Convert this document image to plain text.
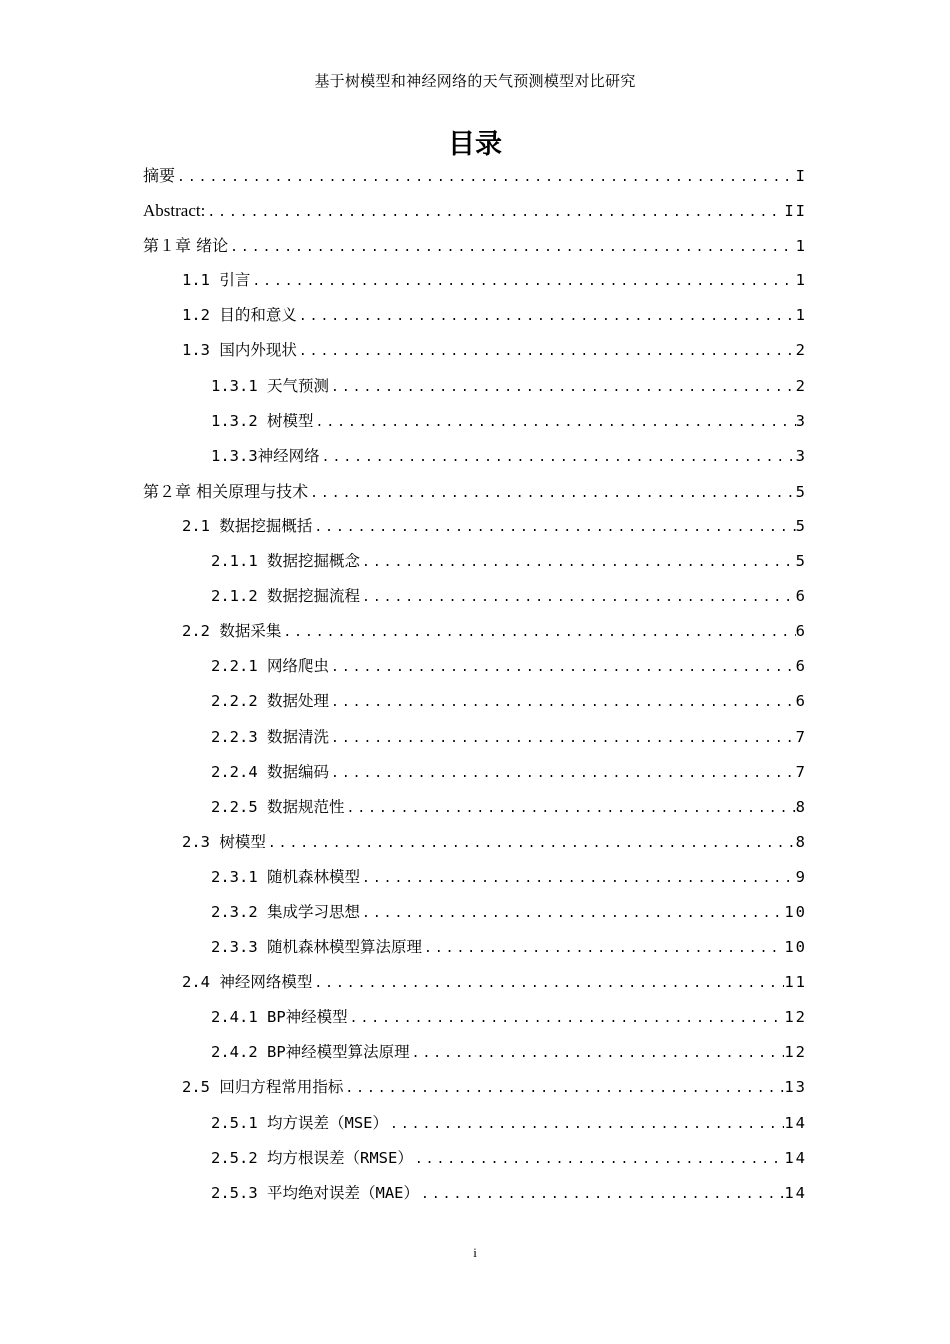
基于树模型和神经网络的天气预测模型对比研究
目录
摘要 .....	I
Abstract: .....	II
第１章 绪论 .....	1
1.1 引言 .....	1
1.2 目的和意义 .....	1
1.3 国内外现状 .....	2
1.3.1 天气预测 .....	2
1.3.2 树模型 .....	3
1.3.3神经网络 .....	3
第２章 相关原理与技术 .....	5
2.1 数据挖掘概括 .....	5
2.1.1 数据挖掘概念 .....	5
2.1.2 数据挖掘流程 .....	6
2.2 数据采集 .....	6
2.2.1 网络爬虫 .....	6
2.2.2 数据处理 .....	6
2.2.3 数据清洗 .....	7
2.2.4 数据编码 .....	7
2.2.5 数据规范性 .....	8
2.3 树模型 .....	8
2.3.1 随机森林模型 .....	9
2.3.2 集成学习思想 .....	10
2.3.3 随机森林模型算法原理 .....	10
2.4 神经网络模型 .....	11
2.4.1 BP神经模型 .....	12
2.4.2 BP神经模型算法原理 .....	12
2.5 回归方程常用指标 .....	13
2.5.1 均方误差（MSE） .....	14
2.5.2 均方根误差（RMSE） .....	14
2.5.3 平均绝对误差（MAE） .....	14
i
